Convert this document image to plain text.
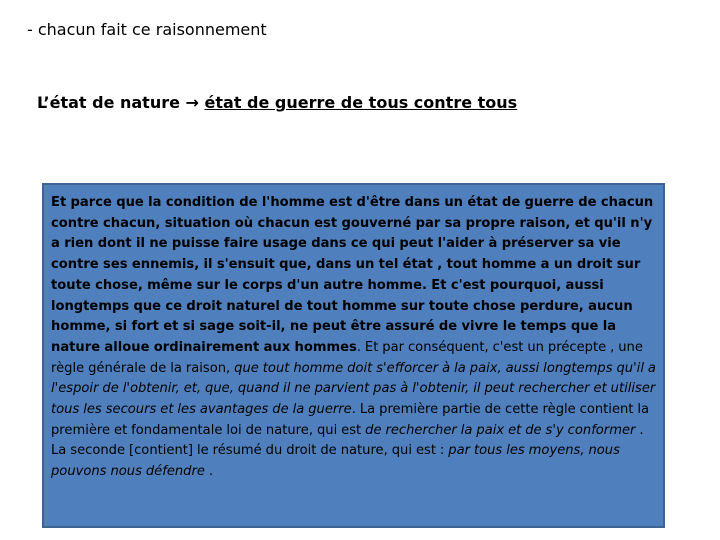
- chacun fait ce raisonnement
L’état de nature → état de guerre de tous contre tous
Et parce que la condition de l'homme est d'être dans un état de guerre de chacun contre chacun, situation où chacun est gouverné par sa propre raison, et qu'il n'y a rien dont il ne puisse faire usage dans ce qui peut l'aider à préserver sa vie contre ses ennemis, il s'ensuit que, dans un tel état , tout homme a un droit sur toute chose, même sur le corps d'un autre homme. Et c'est pourquoi, aussi longtemps que ce droit naturel de tout homme sur toute chose perdure, aucun homme, si fort et si sage soit-il, ne peut être assuré de vivre le temps que la nature alloue ordinairement aux hommes. Et par conséquent, c'est un précepte , une règle générale de la raison, que tout homme doit s'efforcer à la paix, aussi longtemps qu'il a l'espoir de l'obtenir, et, que, quand il ne parvient pas à l'obtenir, il peut rechercher et utiliser tous les secours et les avantages de la guerre. La première partie de cette règle contient la première et fondamentale loi de nature, qui est de rechercher la paix et de s'y conformer . La seconde [contient] le résumé du droit de nature, qui est : par tous les moyens, nous pouvons nous défendre .
